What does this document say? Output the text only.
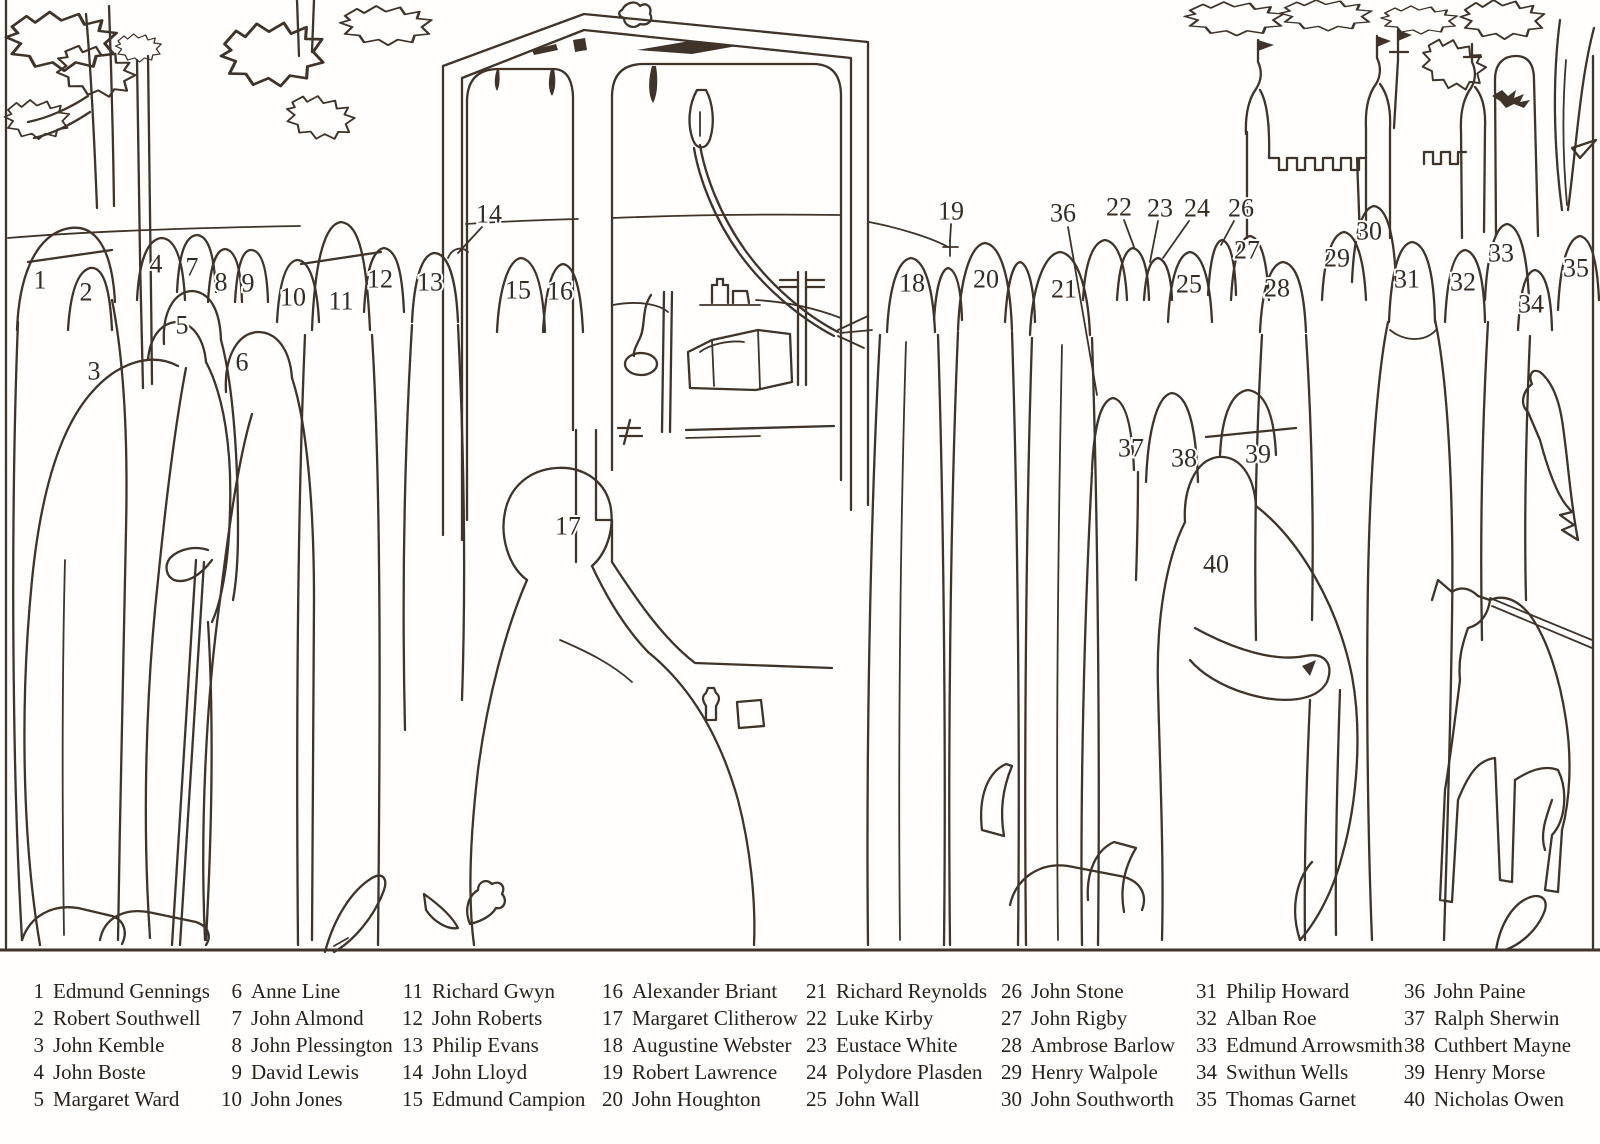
1 2
3
4
5
6
7
8 9 10 11
12 13
14
15 16
17
18
19
20 21
22 23 24
25
26
27
28
29
30
31 32
33
34
35
36
37 38 39
40
1 Edmund Gennings
2 Robert Southwell
3 John Kemble
4 John Boste
5 Margaret Ward
6 Anne Line
7 John Almond
8 John Plessington
9 David Lewis
10 John Jones
11 Richard Gwyn
12 John Roberts
13 Philip Evans
14 John Lloyd
15 Edmund Campion
16 Alexander Briant
17 Margaret Clitherow
18 Augustine Webster
19 Robert Lawrence
20 John Houghton
21 Richard Reynolds
22 Luke Kirby
23 Eustace White
24 Polydore Plasden
25 John Wall
26 John Stone
27 John Rigby
28 Ambrose Barlow
29 Henry Walpole
30 John Southworth
31 Philip Howard
32 Alban Roe
33 Edmund Arrowsmith
34 Swithun Wells
35 Thomas Garnet
36 John Paine
37 Ralph Sherwin
38 Cuthbert Mayne
39 Henry Morse
40 Nicholas Owen
